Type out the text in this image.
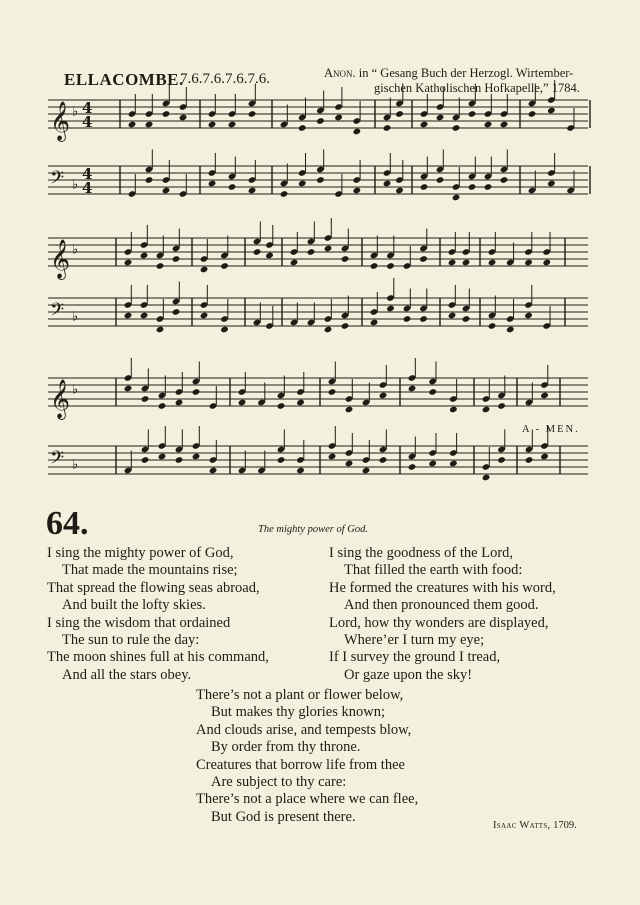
ELLACOMBE.
7.6.7.6.7.6.7.6.	Anon. in “ Gesang Buch der Herzogl. Wirtember-
gischen Katholischen Hofkapelle,” 1784.
𝄞 ♭
𝄢 ♭
𝄞 ♭
𝄢 ♭
𝄞 ♭
𝄢 ♭
4
4
4
4
A - MEN.
64.	The mighty power of God.
I sing the mighty power of God,
That made the mountains rise;
That spread the flowing seas abroad,
And built the lofty skies.
I sing the wisdom that ordained
The sun to rule the day:
The moon shines full at his command,
And all the stars obey.
I sing the goodness of the Lord,
That filled the earth with food:
He formed the creatures with his word,
And then pronounced them good.
Lord, how thy wonders are displayed,
Where’er I turn my eye;
If I survey the ground I tread,
Or gaze upon the sky!
There’s not a plant or flower below,
But makes thy glories known;
And clouds arise, and tempests blow,
By order from thy throne.
Creatures that borrow life from thee
Are subject to thy care:
There’s not a place where we can flee,
But God is present there.
Isaac Watts, 1709.
